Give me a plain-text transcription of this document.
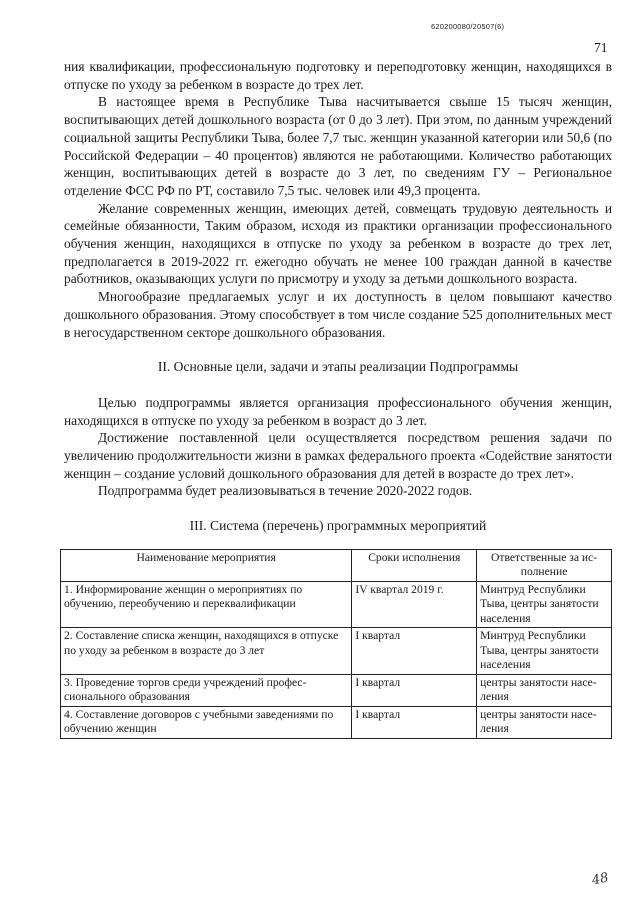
620200080/20507(6)
71

ния квалификации, профессиональную подготовку и переподготовку женщин, находящихся в отпуске по уходу за ребенком в возрасте до трех лет.

В настоящее время в Республике Тыва насчитывается свыше 15 тысяч женщин, воспитывающих детей дошкольного возраста (от 0 до 3 лет). При этом, по данным учреждений социальной защиты Республики Тыва, более 7,7 тыс. женщин указанной категории или 50,6 (по Российской Федерации – 40 процентов) являются не работающими. Количество работающих женщин, воспитывающих детей в возрасте до 3 лет, по сведениям ГУ – Региональное отделение ФСС РФ по РТ, составило 7,5 тыс. человек или 49,3 процента.

Желание современных женщин, имеющих детей, совмещать трудовую деятельность и семейные обязанности, Таким образом, исходя из практики организации профессионального обучения женщин, находящихся в отпуске по уходу за ребенком в возрасте до трех лет, предполагается в 2019-2022 гг. ежегодно обучать не менее 100 граждан данной в качестве работников, оказывающих услуги по присмотру и уходу за детьми дошкольного возраста.

Многообразие предлагаемых услуг и их доступность в целом повышают качество дошкольного образования. Этому способствует в том числе создание 525 дополнительных мест в негосударственном секторе дошкольного образования.

II. Основные цели, задачи и этапы реализации Подпрограммы

Целью подпрограммы является организация профессионального обучения женщин, находящихся в отпуске по уходу за ребенком в возраст до 3 лет.

Достижение поставленной цели осуществляется посредством решения задачи по увеличению продолжительности жизни в рамках федерального проекта «Содействие занятости женщин – создание условий дошкольного образования для детей в возрасте до трех лет».

Подпрограмма будет реализовываться в течение 2020-2022 годов.

III. Система (перечень) программных мероприятий
Наименование мероприятия	Сроки исполнения	Ответственные за исполнение
1. Информирование женщин о мероприятиях по обучению, переобучению и переквалификации	IV квартал 2019 г.	Минтруд Республики Тыва, центры занятости населения
2. Составление списка женщин, находящихся в отпуске по уходу за ребенком в возрасте до 3 лет	I квартал	Минтруд Республики Тыва, центры занятости населения
3. Проведение торгов среди учреждений профессионального образования	I квартал	центры занятости населения
4. Составление договоров с учебными заведениями по обучению женщин	I квартал	центры занятости населения
48
